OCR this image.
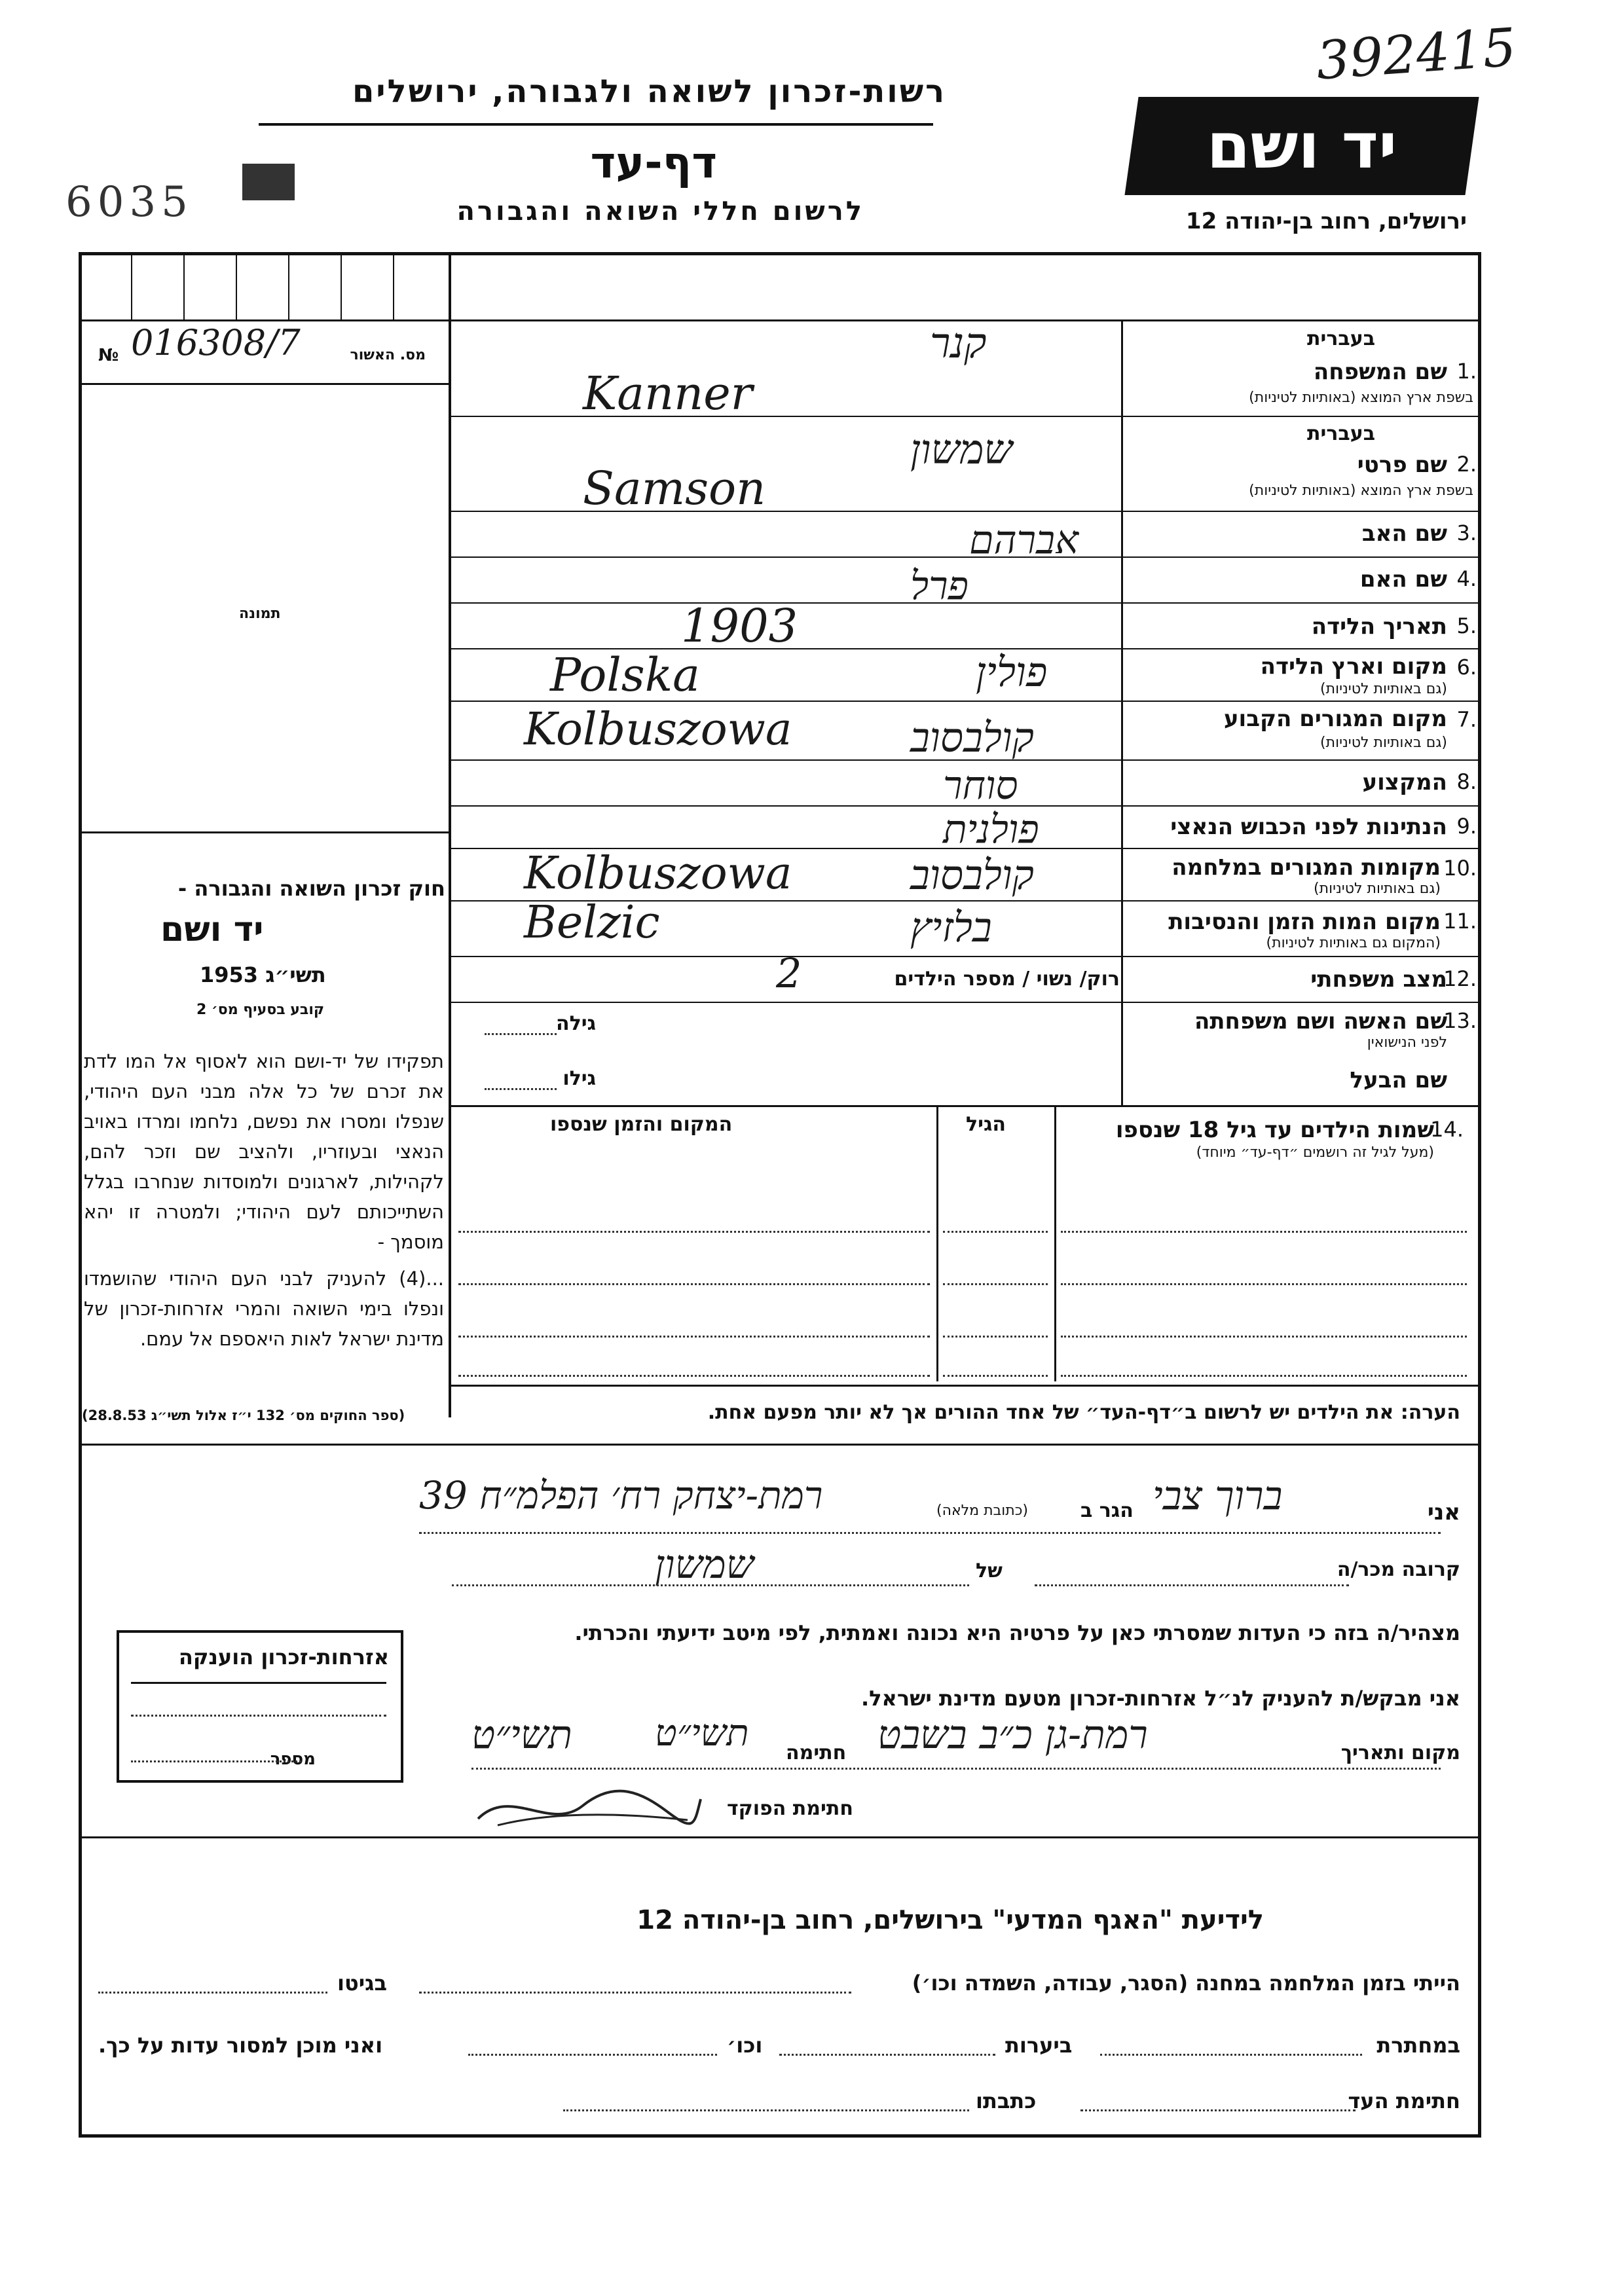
רשות-זכרון לשואה ולגבורה, ירושלים
דף-עד
לרשום חללי השואה והגבורה
יד ושם
ירושלים, רחוב בן-יהודה 12
392415
6035
מס. האשור
016308/7
№
תמונה
חוק זכרון השואה והגבורה -
יד ושם
תשי״ג 1953
קובע בסעיף מס׳ 2
תפקידו של יד-ושם הוא לאסוף אל המו לדת את זכרם של כל אלה מבני העם היהודי, שנפלו ומסרו את נפשם, נלחמו ומרדו באויב הנאצי ובעוזריו, ולהציב שם וזכר להם, לקהילות, לארגונים ולמוסדות שנחרבו בגלל השתייכותם לעם היהודי; ולמטרה זו יהא מוסמך -
...(4) להעניק לבני העם היהודי שהושמדו ונפלו בימי השואה והמרי אזרחות-זכרון של מדינת ישראל לאות היאספם אל עמם.
(ספר החוקים מס׳ 132 י״ז אלול תשי״ג 28.8.53)
בעברית
1.
שם המשפחה
בשפת ארץ המוצא (באותיות לטיניות)
קנר
Kanner
בעברית
2.
שם פרטי
בשפת ארץ המוצא (באותיות לטיניות)
שמשון
Samson
3.
שם האב
אברהם
4.
שם האם
פרל
5.
תאריך הלידה
1903
6.
מקום וארץ הלידה
(גם באותיות לטיניות)
פולין
Polska
7.
מקום המגורים הקבוע
(גם באותיות לטיניות)
קולבסוב
Kolbuszowa
8.
המקצוע
סוחר
9.
הנתינות לפני הכבוש הנאצי
פולנית
10.
מקומות המגורים במלחמה
(גם באותיות לטיניות)
קולבסוב
Kolbuszowa
11.
מקום המות הזמן והנסיבות
(המקום גם באותיות לטיניות)
בלזיץ
Belzic
12.
מצב משפחתי
רוק/ נשוי / מספר הילדים
2
13.
שם האשה ושם משפחתה
לפני הנישואין
גילה
שם הבעל
גילו
14.
שמות הילדים עד גיל 18 שנספו
(מעל לגיל זה רושמים ״דף-עד״ מיוחד)
הגיל
המקום והזמן שנספו
הערה: את הילדים יש לרשום ב״דף-העד״ של אחד ההורים אך לא יותר מפעם אחת.
אני
ברוך צבי
הגר ב
(כתובת מלאה)
רמת-יצחק רח׳ הפלמ״ח 39
קרובה מכר/ה
של
שמשון
מצהיר/ה בזה כי העדות שמסרתי כאן על פרטיה היא נכונה ואמתית, לפי מיטב ידיעתי והכרתי.
אני מבקש/ת להעניק לנ״ל אזרחות-זכרון מטעם מדינת ישראל.
מקום ותאריך
רמת-גן כ״ב בשבט
תשי״ט חתימה
תשי״ט
חתימת הפוקד
אזרחות-זכרון הוענקה
מספר
לידיעת "האגף המדעי" בירושלים, רחוב בן-יהודה 12
הייתי בזמן המלחמה במחנה (הסגר, עבודה, השמדה וכו׳)
בגיטו
במחתרת
ביערות
וכו׳
ואני מוכן למסור עדות על כך.
חתימת העד
כתבתו
